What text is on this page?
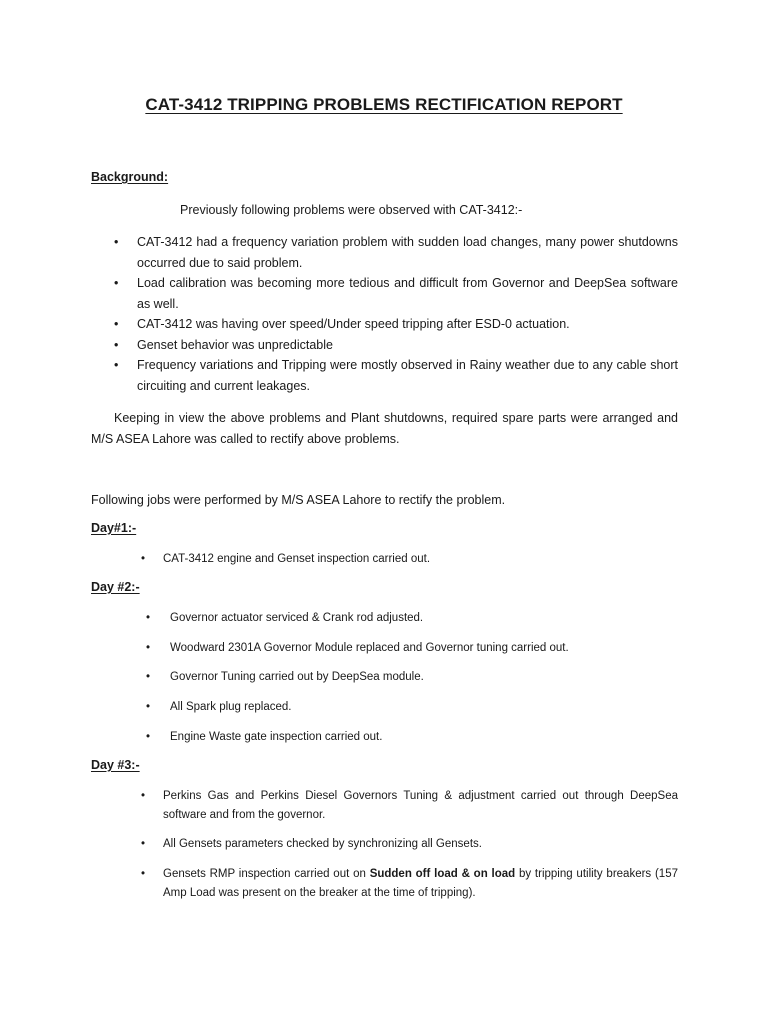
CAT-3412 TRIPPING PROBLEMS RECTIFICATION REPORT
Background:

Previously following problems were observed with CAT-3412:-

• CAT-3412 had a frequency variation problem with sudden load changes, many power shutdowns occurred due to said problem.
• Load calibration was becoming more tedious and difficult from Governor and DeepSea software as well.
• CAT-3412 was having over speed/Under speed tripping after ESD-0 actuation.
• Genset behavior was unpredictable
• Frequency variations and Tripping were mostly observed in Rainy weather due to any cable short circuiting and current leakages.

Keeping in view the above problems and Plant shutdowns, required spare parts were arranged and M/S ASEA Lahore was called to rectify above problems.

Following jobs were performed by M/S ASEA Lahore to rectify the problem.

Day#1:-
• CAT-3412 engine and Genset inspection carried out.
Day #2:-
• Governor actuator serviced & Crank rod adjusted.
• Woodward 2301A Governor Module replaced and Governor tuning carried out.
• Governor Tuning carried out by DeepSea module.
• All Spark plug replaced.
• Engine Waste gate inspection carried out.
Day #3:-
• Perkins Gas and Perkins Diesel Governors Tuning & adjustment carried out through DeepSea software and from the governor.
• All Gensets parameters checked by synchronizing all Gensets.
• Gensets RMP inspection carried out on Sudden off load & on load by tripping utility breakers (157 Amp Load was present on the breaker at the time of tripping).
